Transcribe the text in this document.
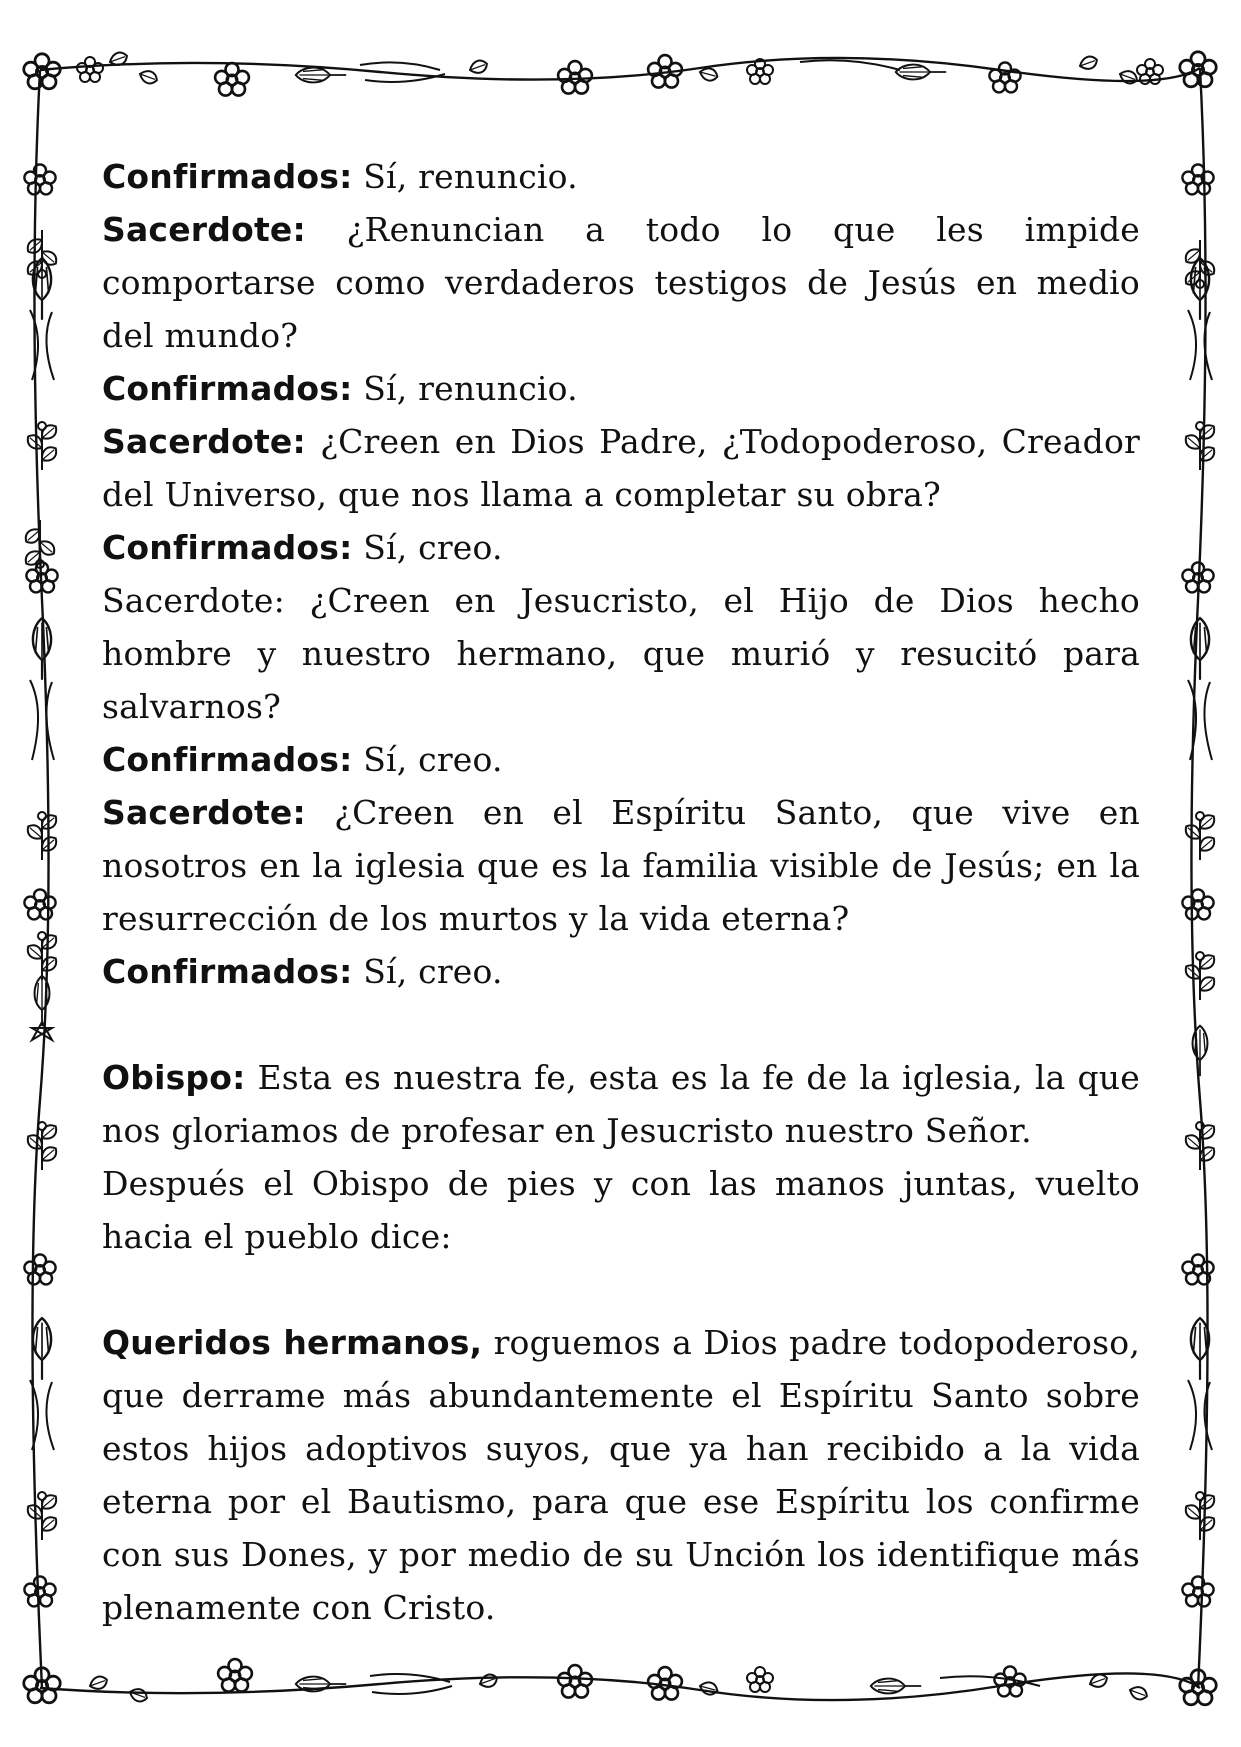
Confirmados: Sí, renuncio.

Sacerdote: ¿Renuncian a todo lo que les impide comportarse como verdaderos testigos de Jesús en medio del mundo?

Confirmados: Sí, renuncio.

Sacerdote: ¿Creen en Dios Padre, ¿Todopoderoso, Creador del Universo, que nos llama a completar su obra?

Confirmados: Sí, creo.

Sacerdote: ¿Creen en Jesucristo, el Hijo de Dios hecho hombre y nuestro hermano, que murió y resucitó para salvarnos?

Confirmados: Sí, creo.

Sacerdote: ¿Creen en el Espíritu Santo, que vive en nosotros en la iglesia que es la familia visible de Jesús; en la resurrección de los murtos y la vida eterna?

Confirmados: Sí, creo.

Obispo: Esta es nuestra fe, esta es la fe de la iglesia, la que nos gloriamos de profesar en Jesucristo nuestro Señor.

Después el Obispo de pies y con las manos juntas, vuelto hacia el pueblo dice:

Queridos hermanos, roguemos a Dios padre todopoderoso, que derrame más abundantemente el Espíritu Santo sobre estos hijos adoptivos suyos, que ya han recibido a la vida eterna por el Bautismo, para que ese Espíritu los confirme con sus Dones, y por medio de su Unción los identifique más plenamente con Cristo.
